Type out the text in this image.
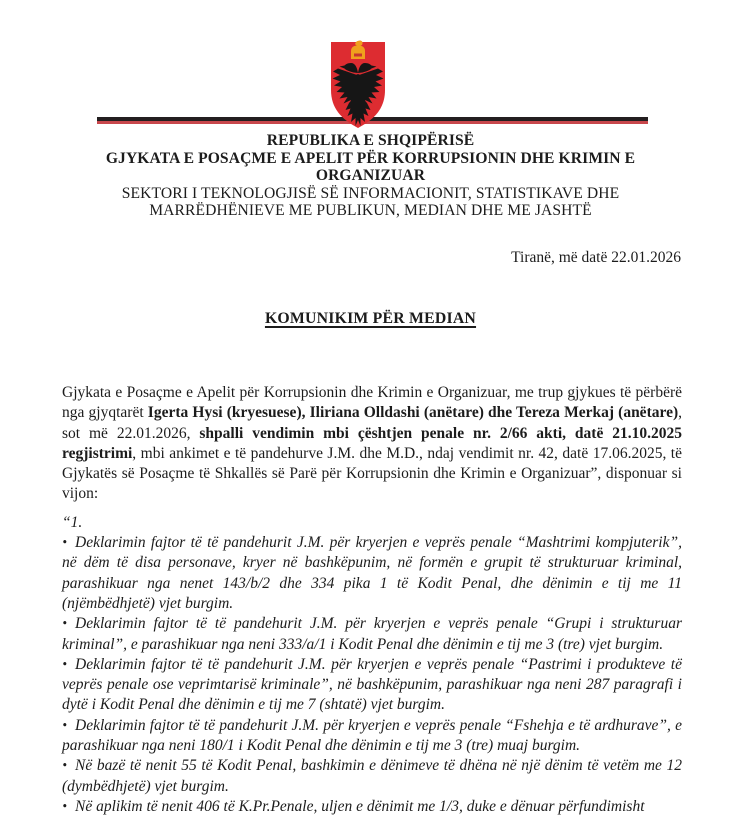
REPUBLIKA E SHQIPËRISË
GJYKATA E POSAÇME E APELIT PËR KORRUPSIONIN DHE KRIMIN E
ORGANIZUAR
SEKTORI I TEKNOLOGJISË SË INFORMACIONIT, STATISTIKAVE DHE
MARRËDHËNIEVE ME PUBLIKUN, MEDIAN DHE ME JASHTË
Tiranë, më datë 22.01.2026
KOMUNIKIM PËR MEDIAN

Gjykata e Posaçme e Apelit për Korrupsionin dhe Krimin e Organizuar, me trup gjykues të përbërë nga gjyqtarët Igerta Hysi (kryesuese), Iliriana Olldashi (anëtare) dhe Tereza Merkaj (anëtare), sot më 22.01.2026, shpalli vendimin mbi çështjen penale nr. 2/66 akti, datë 21.10.2025 regjistrimi, mbi ankimet e të pandehurve J.M. dhe M.D., ndaj vendimit nr. 42, datë 17.06.2025, të Gjykatës së Posaçme të Shkallës së Parë për Korrupsionin dhe Krimin e Organizuar”, disponuar si vijon:

“1.

• Deklarimin fajtor të të pandehurit J.M. për kryerjen e veprës penale “Mashtrimi kompjuterik”, në dëm të disa personave, kryer në bashkëpunim, në formën e grupit të strukturuar kriminal, parashikuar nga nenet 143/b/2 dhe 334 pika 1 të Kodit Penal, dhe dënimin e tij me 11 (njëmbëdhjetë) vjet burgim.

• Deklarimin fajtor të të pandehurit J.M. për kryerjen e veprës penale “Grupi i strukturuar kriminal”, e parashikuar nga neni 333/a/1 i Kodit Penal dhe dënimin e tij me 3 (tre) vjet burgim.

• Deklarimin fajtor të të pandehurit J.M. për kryerjen e veprës penale “Pastrimi i produkteve të veprës penale ose veprimtarisë kriminale”, në bashkëpunim, parashikuar nga neni 287 paragrafi i dytë i Kodit Penal dhe dënimin e tij me 7 (shtatë) vjet burgim.

• Deklarimin fajtor të të pandehurit J.M. për kryerjen e veprës penale “Fshehja e të ardhurave”, e parashikuar nga neni 180/1 i Kodit Penal dhe dënimin e tij me 3 (tre) muaj burgim.

• Në bazë të nenit 55 të Kodit Penal, bashkimin e dënimeve të dhëna në një dënim të vetëm me 12 (dymbëdhjetë) vjet burgim.

• Në aplikim të nenit 406 të K.Pr.Penale, uljen e dënimit me 1/3, duke e dënuar përfundimisht
